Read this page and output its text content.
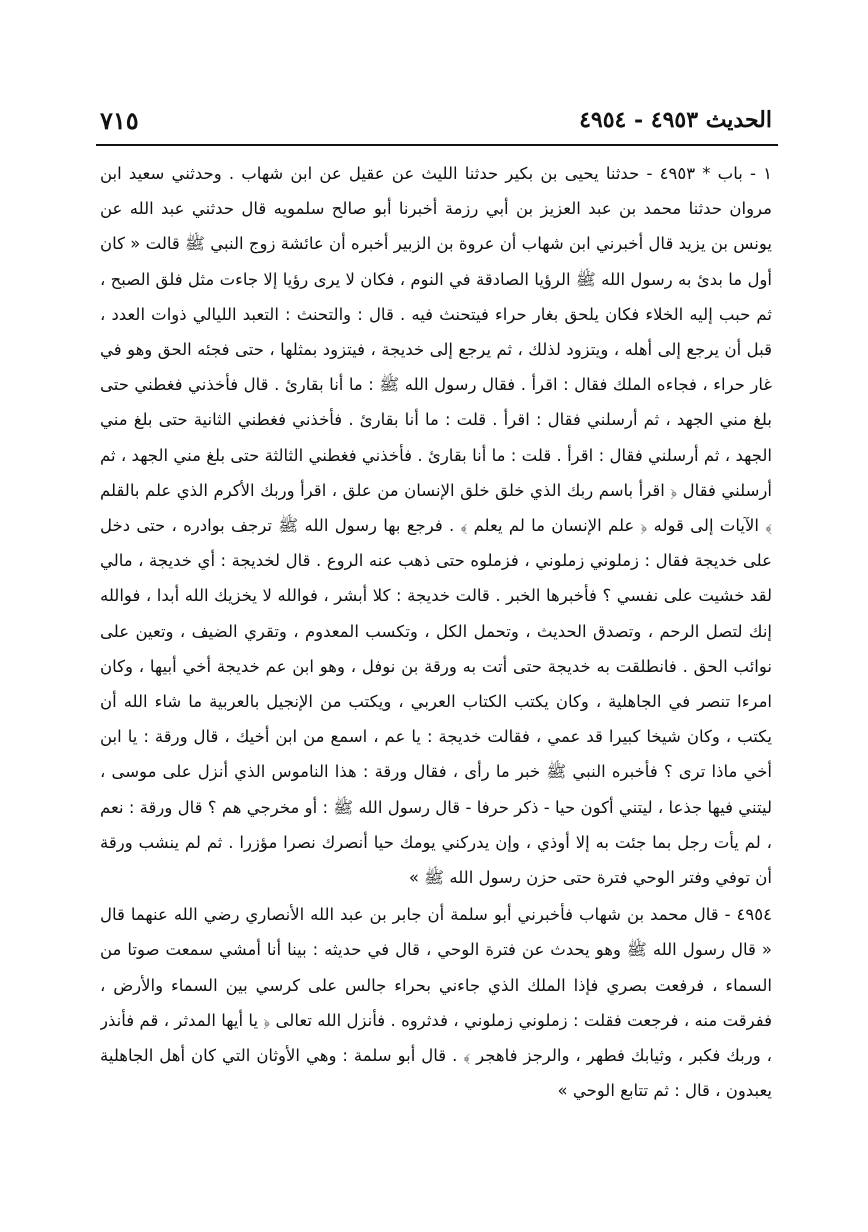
الحديث ٤٩٥٣ - ٤٩٥٤
٧١٥

١ - باب * ٤٩٥٣ - حدثنا يحيى بن بكير حدثنا الليث عن عقيل عن ابن شهاب . وحدثني سعيد ابن مروان حدثنا محمد بن عبد العزيز بن أبي رزمة أخبرنا أبو صالح سلمويه قال حدثني عبد الله عن يونس بن يزيد قال أخبرني ابن شهاب أن عروة بن الزبير أخبره أن عائشة زوج النبي ﷺ قالت « كان أول ما بدئ به رسول الله ﷺ الرؤيا الصادقة في النوم ، فكان لا يرى رؤيا إلا جاءت مثل فلق الصبح ، ثم حبب إليه الخلاء فكان يلحق بغار حراء فيتحنث فيه . قال : والتحنث : التعبد الليالي ذوات العدد ، قبل أن يرجع إلى أهله ، ويتزود لذلك ، ثم يرجع إلى خديجة ، فيتزود بمثلها ، حتى فجئه الحق وهو في غار حراء ، فجاءه الملك فقال : اقرأ . فقال رسول الله ﷺ : ما أنا بقارئ . قال فأخذني فغطني حتى بلغ مني الجهد ، ثم أرسلني فقال : اقرأ . قلت : ما أنا بقارئ . فأخذني فغطني الثانية حتى بلغ مني الجهد ، ثم أرسلني فقال : اقرأ . قلت : ما أنا بقارئ . فأخذني فغطني الثالثة حتى بلغ مني الجهد ، ثم أرسلني فقال ﴿ اقرأ باسم ربك الذي خلق خلق الإنسان من علق ، اقرأ وربك الأكرم الذي علم بالقلم ﴾ الآيات إلى قوله ﴿ علم الإنسان ما لم يعلم ﴾ . فرجع بها رسول الله ﷺ ترجف بوادره ، حتى دخل على خديجة فقال : زملوني زملوني ، فزملوه حتى ذهب عنه الروع . قال لخديجة : أي خديجة ، مالي لقد خشيت على نفسي ؟ فأخبرها الخبر . قالت خديجة : كلا أبشر ، فوالله لا يخزيك الله أبدا ، فوالله إنك لتصل الرحم ، وتصدق الحديث ، وتحمل الكل ، وتكسب المعدوم ، وتقري الضيف ، وتعين على نوائب الحق . فانطلقت به خديجة حتى أتت به ورقة بن نوفل ، وهو ابن عم خديجة أخي أبيها ، وكان امرءا تنصر في الجاهلية ، وكان يكتب الكتاب العربي ، ويكتب من الإنجيل بالعربية ما شاء الله أن يكتب ، وكان شيخا كبيرا قد عمي ، فقالت خديجة : يا عم ، اسمع من ابن أخيك ، قال ورقة : يا ابن أخي ماذا ترى ؟ فأخبره النبي ﷺ خبر ما رأى ، فقال ورقة : هذا الناموس الذي أنزل على موسى ، ليتني فيها جذعا ، ليتني أكون حيا - ذكر حرفا - قال رسول الله ﷺ : أو مخرجي هم ؟ قال ورقة : نعم ، لم يأت رجل بما جئت به إلا أوذي ، وإن يدركني يومك حيا أنصرك نصرا مؤزرا . ثم لم ينشب ورقة أن توفي وفتر الوحي فترة حتى حزن رسول الله ﷺ »

٤٩٥٤ - قال محمد بن شهاب فأخبرني أبو سلمة أن جابر بن عبد الله الأنصاري رضي الله عنهما قال « قال رسول الله ﷺ وهو يحدث عن فترة الوحي ، قال في حديثه : بينا أنا أمشي سمعت صوتا من السماء ، فرفعت بصري فإذا الملك الذي جاءني بحراء جالس على كرسي بين السماء والأرض ، ففرقت منه ، فرجعت فقلت : زملوني زملوني ، فدثروه . فأنزل الله تعالى ﴿ يا أيها المدثر ، قم فأنذر ، وربك فكبر ، وثيابك فطهر ، والرجز فاهجر ﴾ . قال أبو سلمة : وهي الأوثان التي كان أهل الجاهلية يعبدون ، قال : ثم تتابع الوحي »
